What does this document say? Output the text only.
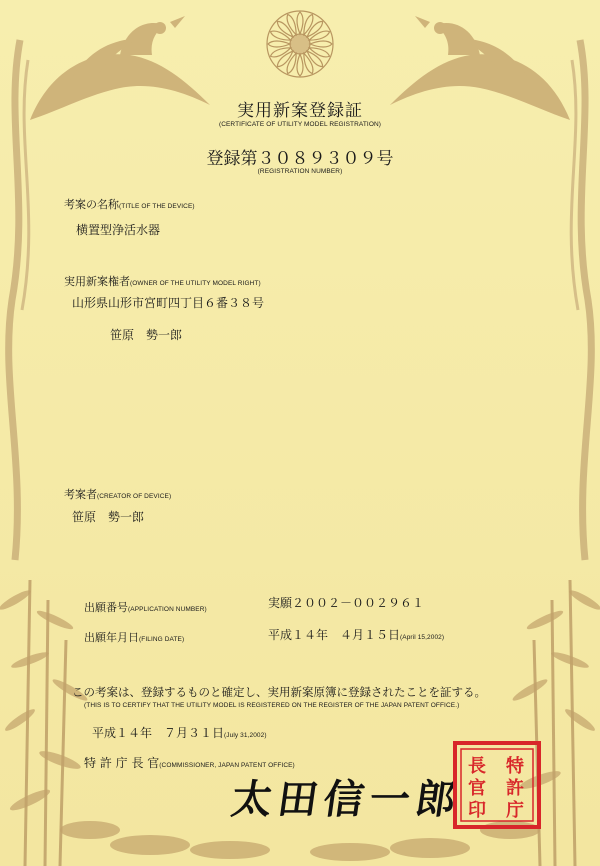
実用新案登録証
(CERTIFICATE OF UTILITY MODEL REGISTRATION)
登録第３０８９３０９号
(REGISTRATION NUMBER)
考案の名称(TITLE OF THE DEVICE)
横置型浄活水器
実用新案権者(OWNER OF THE UTILITY MODEL RIGHT)
山形県山形市宮町四丁目６番３８号
笹原　勢一郎
考案者(CREATOR OF DEVICE)
笹原　勢一郎
出願番号(APPLICATION NUMBER)	実願２００２－００２９６１
出願年月日(FILING DATE)	平成１４年　４月１５日(April 15,2002)
この考案は、登録するものと確定し、実用新案原簿に登録されたことを証する。
(THIS IS TO CERTIFY THAT THE UTILITY MODEL IS REGISTERED ON THE REGISTER OF THE JAPAN PATENT OFFICE.)
平成１４年　７月３１日(July 31,2002)
特 許 庁 長 官(COMMISSIONER, JAPAN PATENT OFFICE)
太田信一郎
特
許
庁
長
官
印
